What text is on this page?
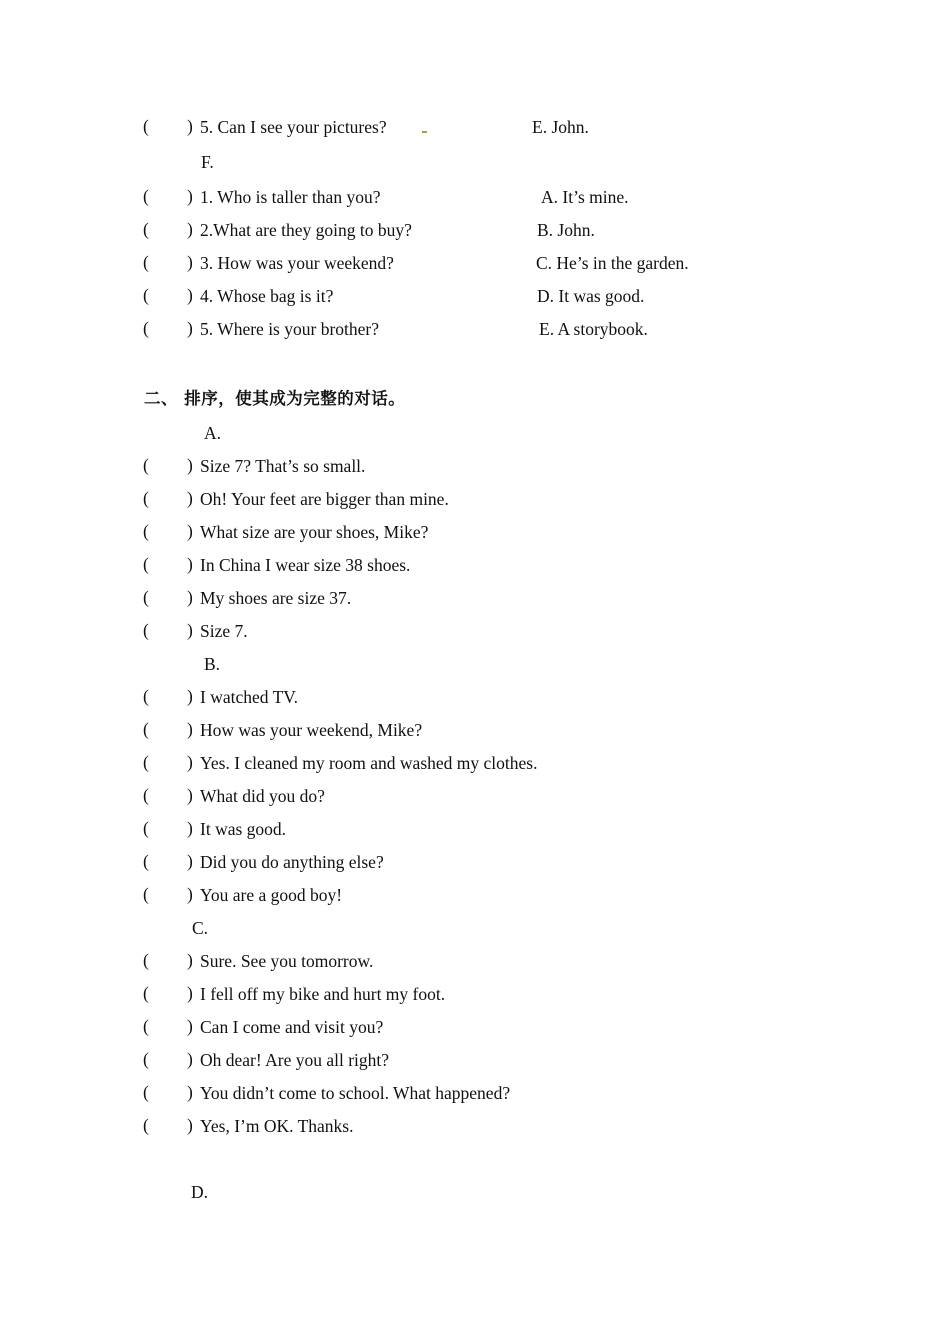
( ) 5. Can I see your pictures?	E. John.
F.
( ) 1. Who is taller than you?	A. It’s mine.
( ) 2.What are they going to buy?	B. John.
( ) 3. How was your weekend?	C. He’s in the garden.
( ) 4. Whose bag is it?	D. It was good.
( ) 5. Where is your brother?	E. A storybook.
二、 排序，使其成为完整的对话。
A.
( ) Size 7? That’s so small.
( ) Oh! Your feet are bigger than mine.
( ) What size are your shoes, Mike?
( ) In China I wear size 38 shoes.
( ) My shoes are size 37.
( ) Size 7.
B.
( ) I watched TV.
( ) How was your weekend, Mike?
( ) Yes. I cleaned my room and washed my clothes.
( ) What did you do?
( ) It was good.
( ) Did you do anything else?
( ) You are a good boy!
C.
( ) Sure. See you tomorrow.
( ) I fell off my bike and hurt my foot.
( ) Can I come and visit you?
( ) Oh dear! Are you all right?
( ) You didn’t come to school. What happened?
( ) Yes, I’m OK. Thanks.
D.
